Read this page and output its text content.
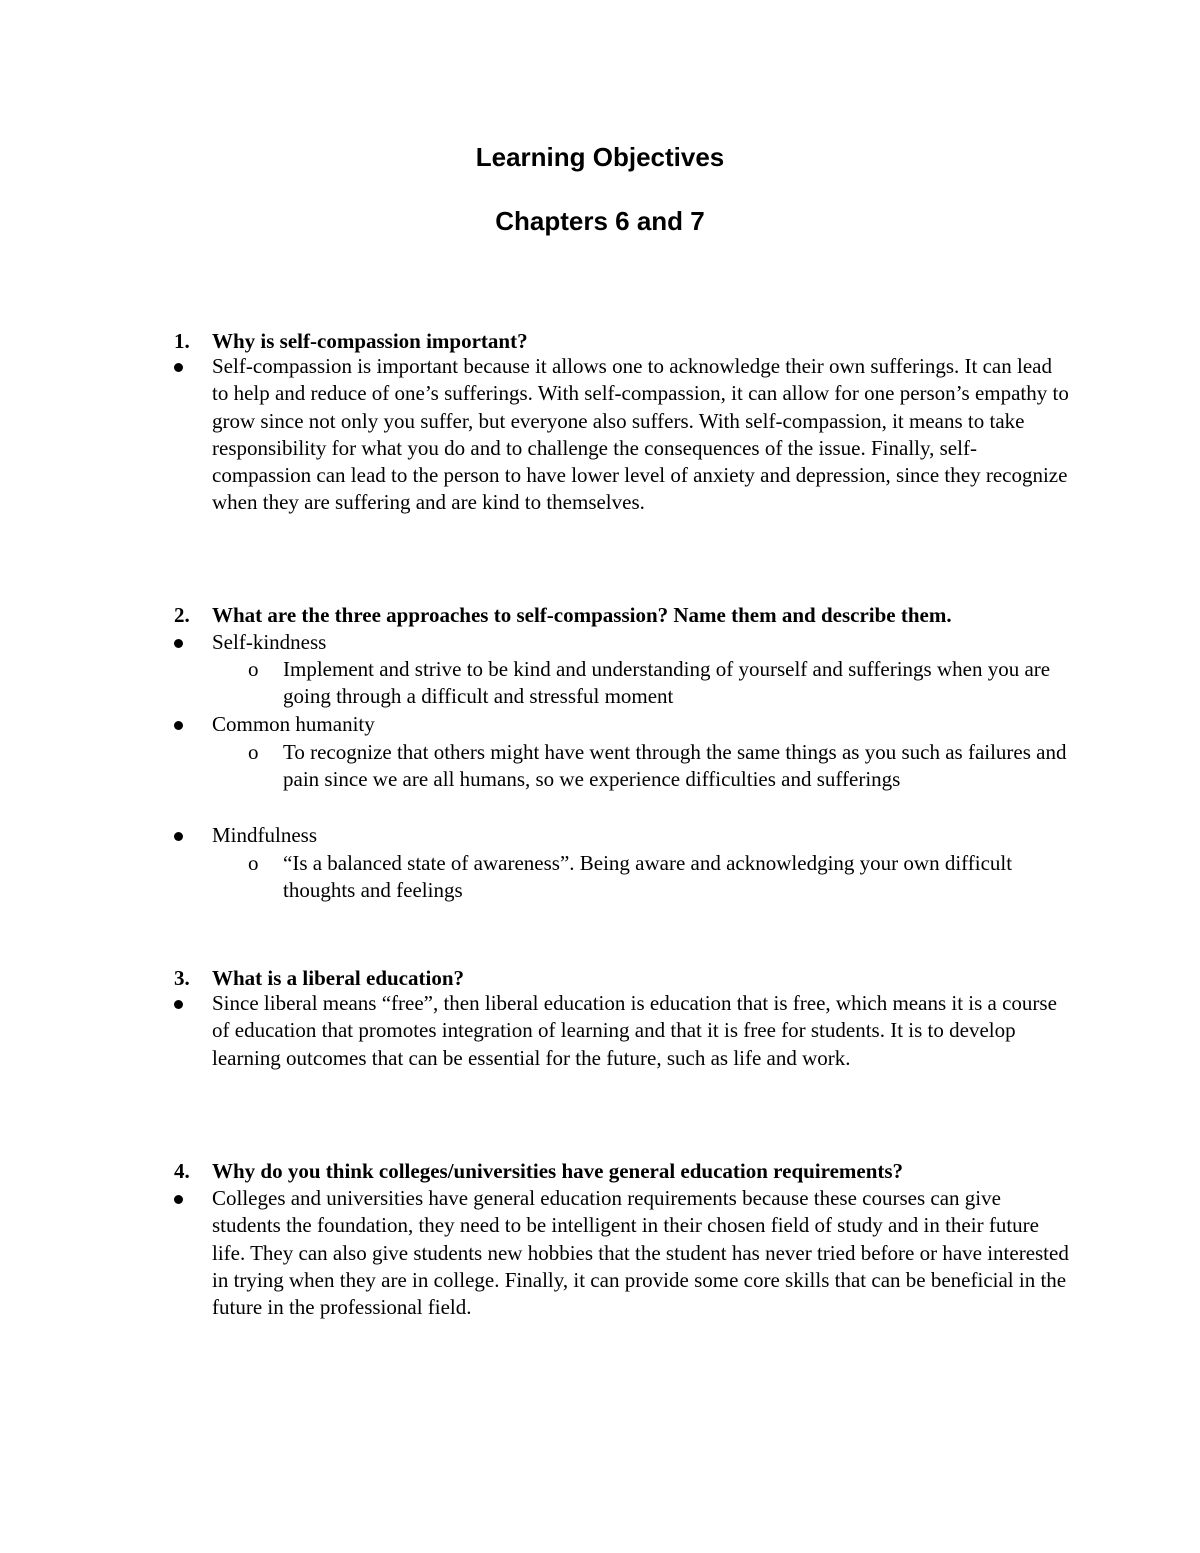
Learning Objectives
Chapters 6 and 7
1. Why is self-compassion important?
Self-compassion is important because it allows one to acknowledge their own sufferings. It can lead to help and reduce of one’s sufferings. With self-compassion, it can allow for one person’s empathy to grow since not only you suffer, but everyone also suffers. With self-compassion, it means to take responsibility for what you do and to challenge the consequences of the issue. Finally, self-compassion can lead to the person to have lower level of anxiety and depression, since they recognize when they are suffering and are kind to themselves.
2. What are the three approaches to self-compassion? Name them and describe them.
Self-kindness
o Implement and strive to be kind and understanding of yourself and sufferings when you are going through a difficult and stressful moment
Common humanity
o To recognize that others might have went through the same things as you such as failures and pain since we are all humans, so we experience difficulties and sufferings
Mindfulness
o “Is a balanced state of awareness”. Being aware and acknowledging your own difficult thoughts and feelings
3. What is a liberal education?
Since liberal means “free”, then liberal education is education that is free, which means it is a course of education that promotes integration of learning and that it is free for students. It is to develop learning outcomes that can be essential for the future, such as life and work.
4. Why do you think colleges/universities have general education requirements?
Colleges and universities have general education requirements because these courses can give students the foundation, they need to be intelligent in their chosen field of study and in their future life. They can also give students new hobbies that the student has never tried before or have interested in trying when they are in college. Finally, it can provide some core skills that can be beneficial in the future in the professional field.
